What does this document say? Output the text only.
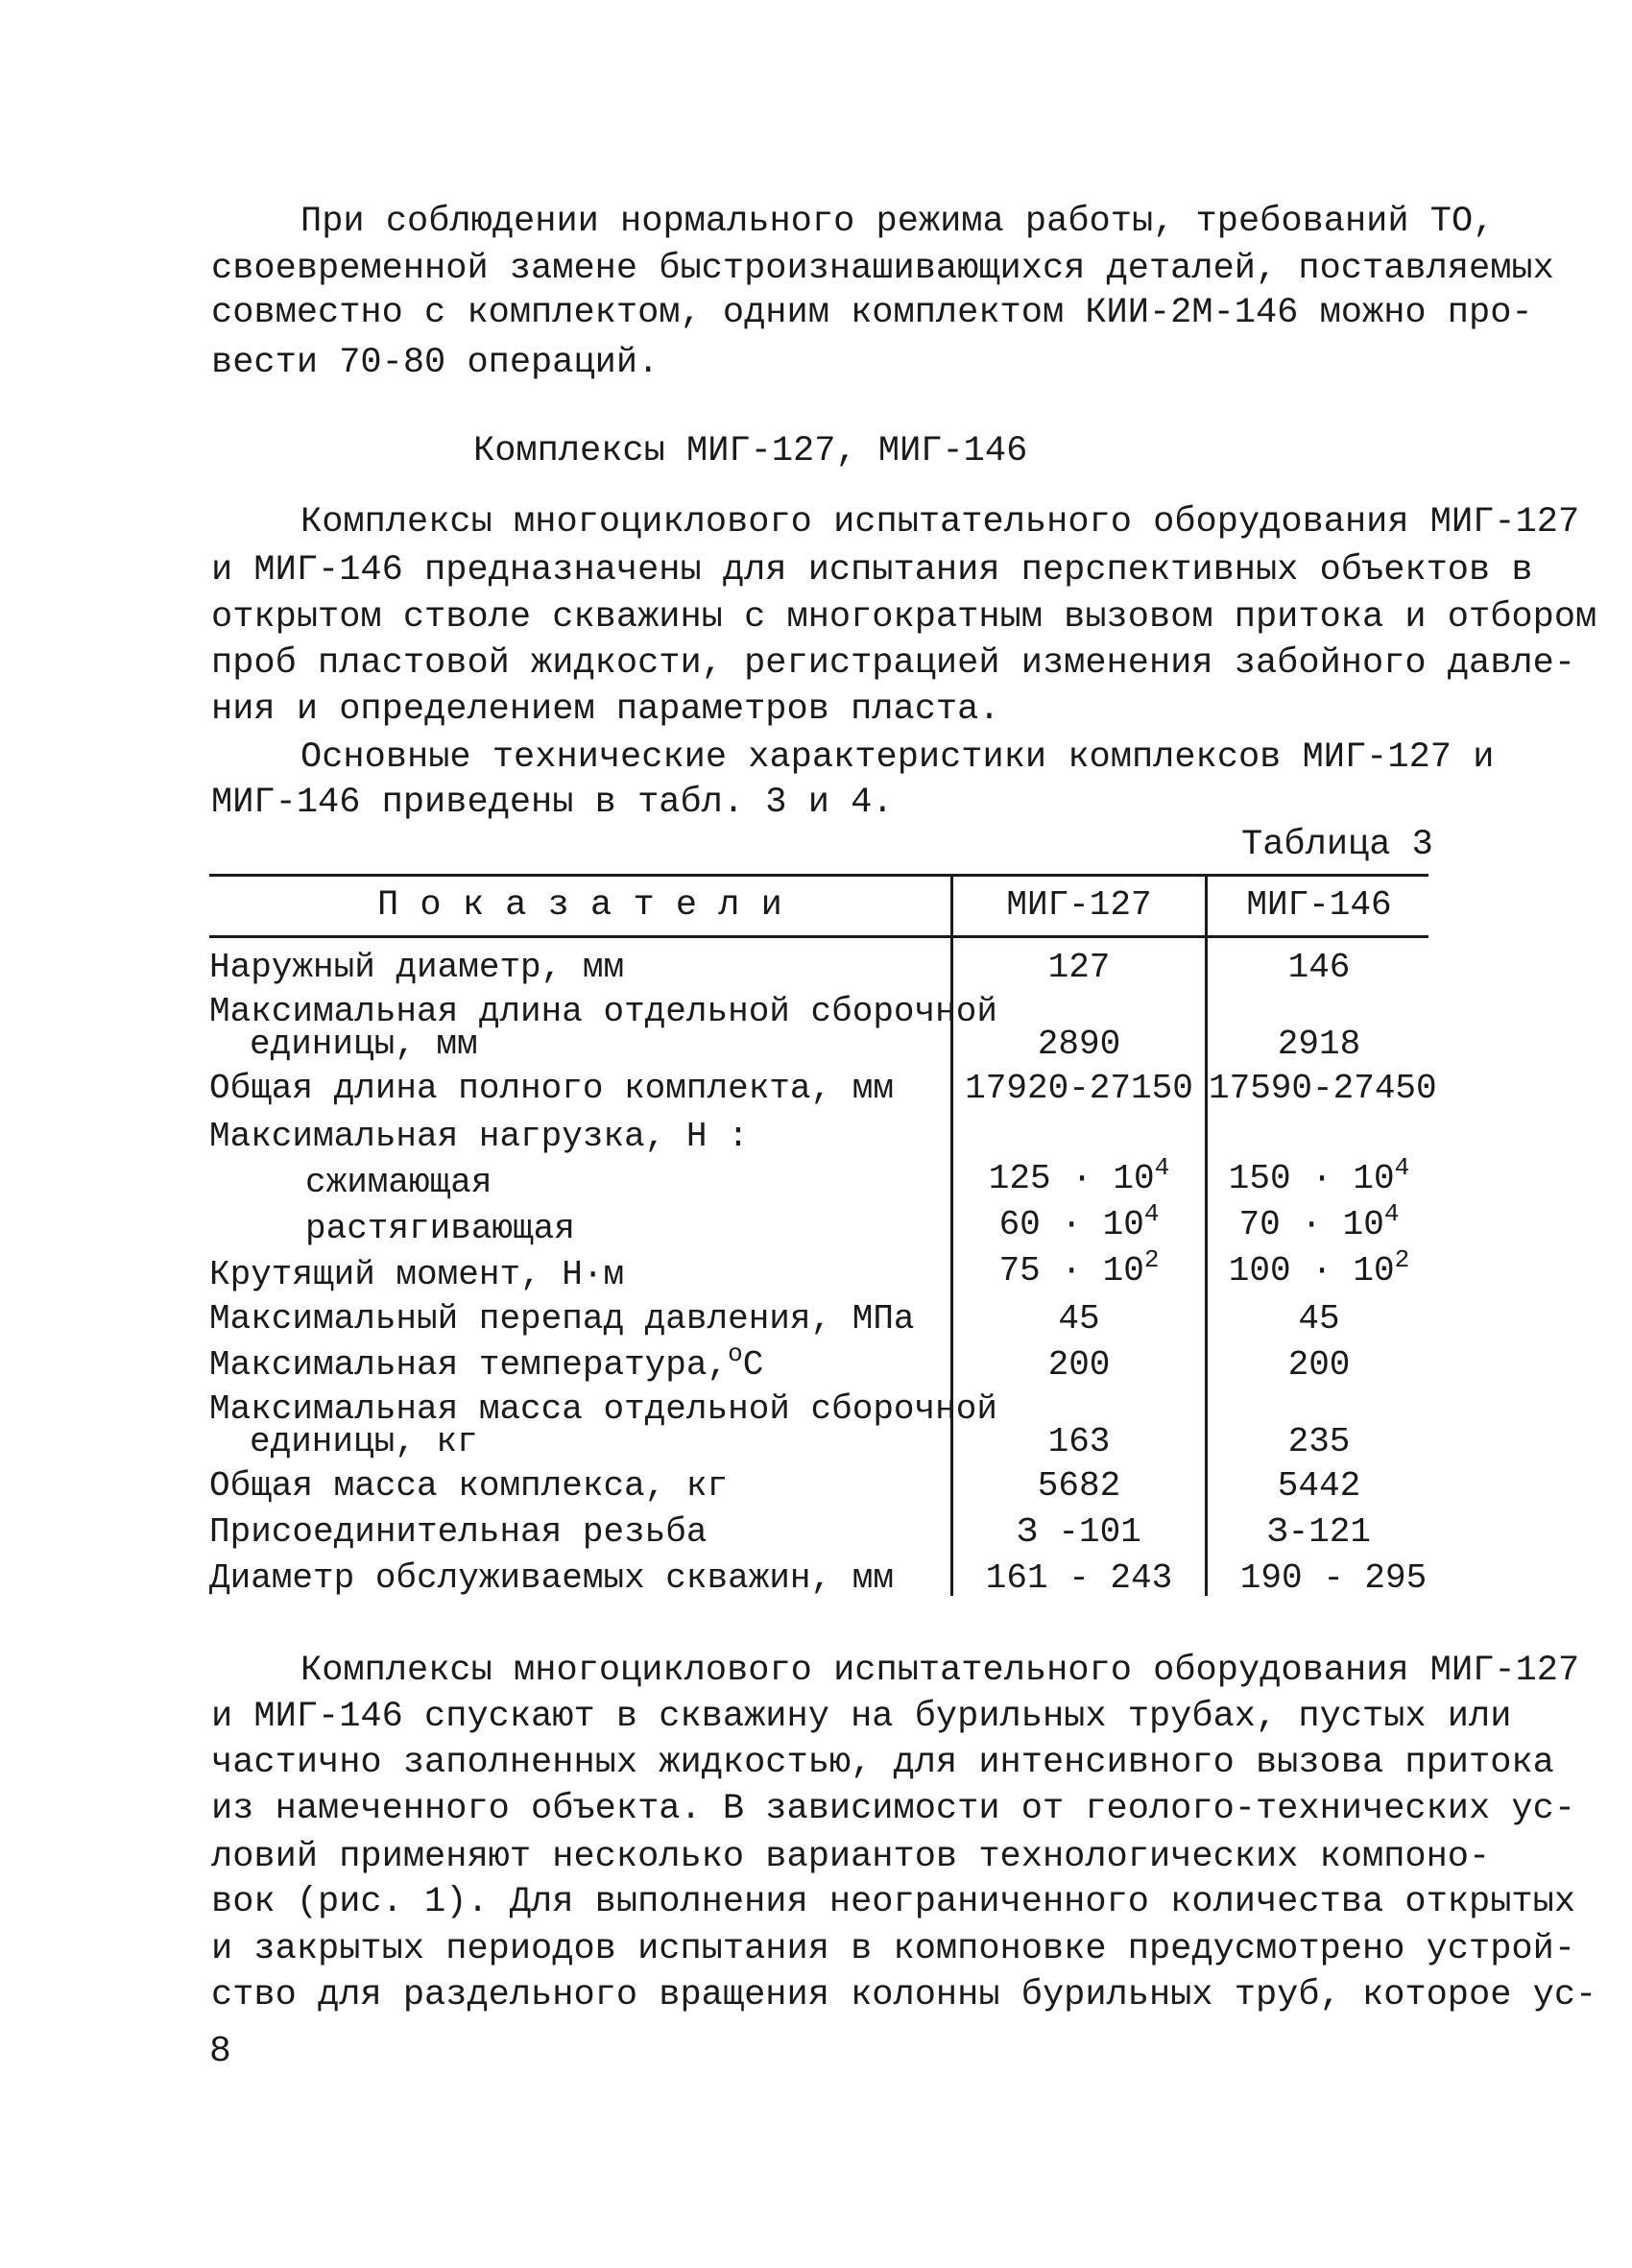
При соблюдении нормального режима работы, требований ТО,
своевременной замене быстроизнашивающихся деталей, поставляемых
совместно с комплектом, одним комплектом КИИ-2М-146 можно про-
вести 70-80 операций.
Комплексы МИГ-127, МИГ-146
Комплексы многоциклового испытательного оборудования МИГ-127
и МИГ-146 предназначены для испытания перспективных объектов в
открытом стволе скважины с многократным вызовом притока и отбором
проб пластовой жидкости, регистрацией изменения забойного давле-
ния и определением параметров пласта.
Основные технические характеристики комплексов МИГ-127 и
МИГ-146 приведены в табл. 3 и 4.
Таблица 3
П о к а з а т е л и	МИГ-127	МИГ-146
Наружный диаметр, мм	127	146
Максимальная длина отдельной сборочной
единицы, мм	2890	2918
Общая длина полного комплекта, мм	17920-27150 17590-27450
Максимальная нагрузка, Н :
сжимающая	$125 \cdot 10^4$	$150 \cdot 10^4$
растягивающая	$60 \cdot 10^4$	$70 \cdot 10^4$
Крутящий момент, Н·м	$75 \cdot 10^2$	$100 \cdot 10^2$
Максимальный перепад давления, МПа	45	45
Максимальная температура,$^o$C	200	200
Максимальная масса отдельной сборочной
единицы, кг	163	235
Общая масса комплекса, кг	5682	5442
Присоединительная резьба	З -101	З-121
Диаметр обслуживаемых скважин, мм	161 - 243	190 - 295
Комплексы многоциклового испытательного оборудования МИГ-127
и МИГ-146 спускают в скважину на бурильных трубах, пустых или
частично заполненных жидкостью, для интенсивного вызова притока
из намеченного объекта. В зависимости от геолого-технических ус-
ловий применяют несколько вариантов технологических компоно-
вок (рис. 1). Для выполнения неограниченного количества открытых
и закрытых периодов испытания в компоновке предусмотрено устрой-
ство для раздельного вращения колонны бурильных труб, которое ус-
8
